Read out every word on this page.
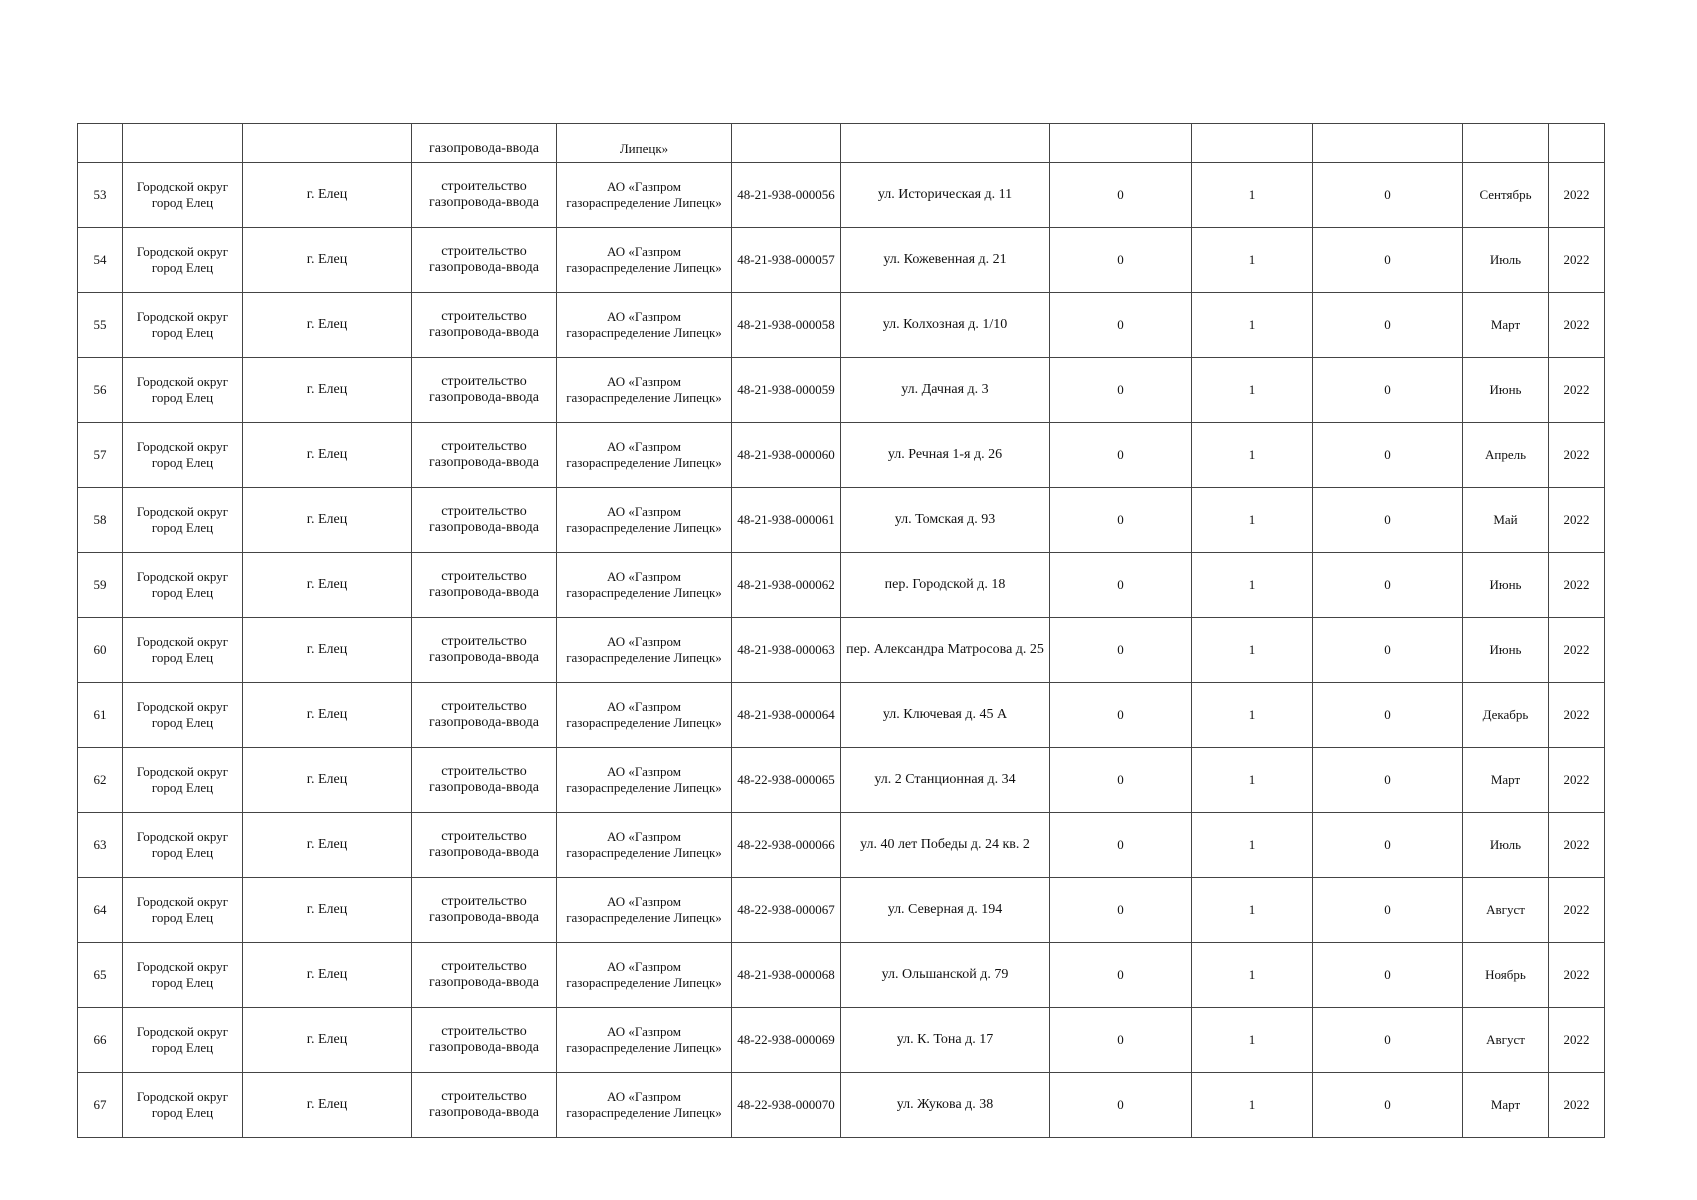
			газопровода-ввода	Липецк»							
53	Городской округ город Елец	г. Елец	строительство газопровода-ввода	АО «Газпром газораспределение Липецк»	48-21-938-000056	ул. Историческая д. 11	0	1	0	Сентябрь	2022
54	Городской округ город Елец	г. Елец	строительство газопровода-ввода	АО «Газпром газораспределение Липецк»	48-21-938-000057	ул. Кожевенная д. 21	0	1	0	Июль	2022
55	Городской округ город Елец	г. Елец	строительство газопровода-ввода	АО «Газпром газораспределение Липецк»	48-21-938-000058	ул. Колхозная д. 1/10	0	1	0	Март	2022
56	Городской округ город Елец	г. Елец	строительство газопровода-ввода	АО «Газпром газораспределение Липецк»	48-21-938-000059	ул. Дачная д. 3	0	1	0	Июнь	2022
57	Городской округ город Елец	г. Елец	строительство газопровода-ввода	АО «Газпром газораспределение Липецк»	48-21-938-000060	ул. Речная 1-я д. 26	0	1	0	Апрель	2022
58	Городской округ город Елец	г. Елец	строительство газопровода-ввода	АО «Газпром газораспределение Липецк»	48-21-938-000061	ул. Томская д. 93	0	1	0	Май	2022
59	Городской округ город Елец	г. Елец	строительство газопровода-ввода	АО «Газпром газораспределение Липецк»	48-21-938-000062	пер. Городской д. 18	0	1	0	Июнь	2022
60	Городской округ город Елец	г. Елец	строительство газопровода-ввода	АО «Газпром газораспределение Липецк»	48-21-938-000063	пер. Александра Матросова д. 25	0	1	0	Июнь	2022
61	Городской округ город Елец	г. Елец	строительство газопровода-ввода	АО «Газпром газораспределение Липецк»	48-21-938-000064	ул. Ключевая д. 45 А	0	1	0	Декабрь	2022
62	Городской округ город Елец	г. Елец	строительство газопровода-ввода	АО «Газпром газораспределение Липецк»	48-22-938-000065	ул. 2 Станционная д. 34	0	1	0	Март	2022
63	Городской округ город Елец	г. Елец	строительство газопровода-ввода	АО «Газпром газораспределение Липецк»	48-22-938-000066	ул. 40 лет Победы д. 24 кв. 2	0	1	0	Июль	2022
64	Городской округ город Елец	г. Елец	строительство газопровода-ввода	АО «Газпром газораспределение Липецк»	48-22-938-000067	ул. Северная д. 194	0	1	0	Август	2022
65	Городской округ город Елец	г. Елец	строительство газопровода-ввода	АО «Газпром газораспределение Липецк»	48-21-938-000068	ул. Ольшанской д. 79	0	1	0	Ноябрь	2022
66	Городской округ город Елец	г. Елец	строительство газопровода-ввода	АО «Газпром газораспределение Липецк»	48-22-938-000069	ул. К. Тона д. 17	0	1	0	Август	2022
67	Городской округ город Елец	г. Елец	строительство газопровода-ввода	АО «Газпром газораспределение Липецк»	48-22-938-000070	ул. Жукова д. 38	0	1	0	Март	2022
